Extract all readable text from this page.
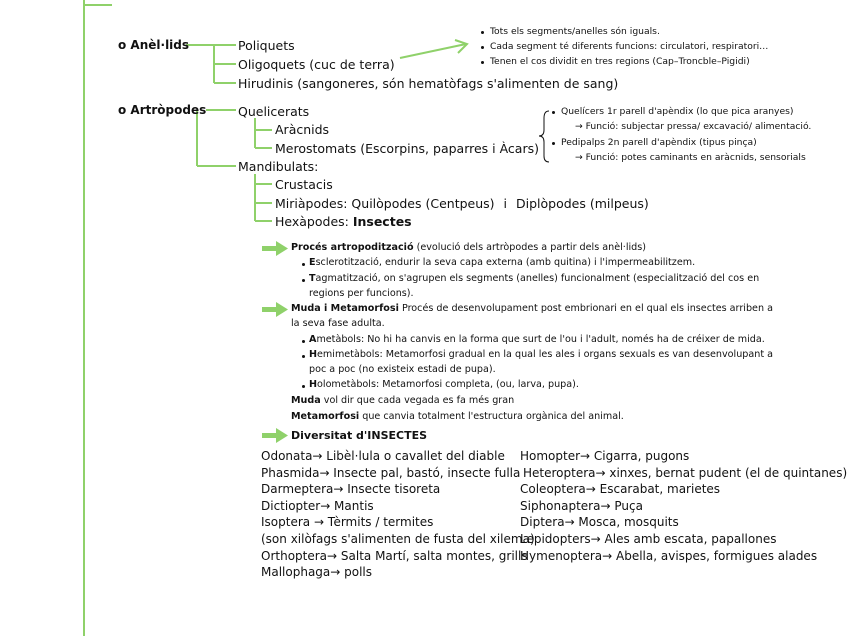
o Anèl·lids	Poliquets
Oligoquets (cuc de terra)
Hirudinis (sangoneres, són hematòfags s'alimenten de sang)
Tots els segments/anelles són iguals.
Cada segment té diferents funcions: circulatori, respiratori…
Tenen el cos dividit en tres regions (Cap–Troncble–Pigidi)
o Artròpodes	Quelicerats
Aràcnids
Merostomats (Escorpins, paparres i Àcars)
Quelícers 1r parell d'apèndix (lo que pica aranyes)
→ Funció: subjectar pressa/ excavació/ alimentació.
Pedipalps 2n parell d'apèndix (tipus pinça)
→ Funció: potes caminants en aràcnids, sensorials
Mandibulats:
Crustacis
Miriàpodes: Quilòpodes (Centpeus) i Diplòpodes (milpeus)
Hexàpodes: Insectes
Procés artropodització (evolució dels artròpodes a partir dels anèl·lids)
Esclerotització, endurir la seva capa externa (amb quitina) i l'impermeabilitzem.
Tagmatització, on s'agrupen els segments (anelles) funcionalment (especialització del cos en
regions per funcions).
Muda i Metamorfosi Procés de desenvolupament post embrionari en el qual els insectes arriben a
la seva fase adulta.
Ametàbols: No hi ha canvis en la forma que surt de l'ou i l'adult, només ha de créixer de mida.
Hemimetàbols: Metamorfosi gradual en la qual les ales i organs sexuals es van desenvolupant a
poc a poc (no existeix estadi de pupa).
Holometàbols: Metamorfosi completa, (ou, larva, pupa).
Muda vol dir que cada vegada es fa més gran
Metamorfosi que canvia totalment l'estructura orgànica del animal.
Diversitat d'INSECTES
Odonata→ Libèl·lula o cavallet del diable
Phasmida→ Insecte pal, bastó, insecte fulla
Darmeptera→ Insecte tisoreta
Dictiopter→ Mantis
Isoptera → Tèrmits / termites
(son xilòfags s'alimenten de fusta del xilema)
Orthoptera→ Salta Martí, salta montes, grills
Mallophaga→ polls
Homopter→ Cigarra, pugons
Heteroptera→ xinxes, bernat pudent (el de quintanes)
Coleoptera→ Escarabat, marietes
Siphonaptera→ Puça
Diptera→ Mosca, mosquits
Lepidopters→ Ales amb escata, papallones
Hymenoptera→ Abella, avispes, formigues alades
